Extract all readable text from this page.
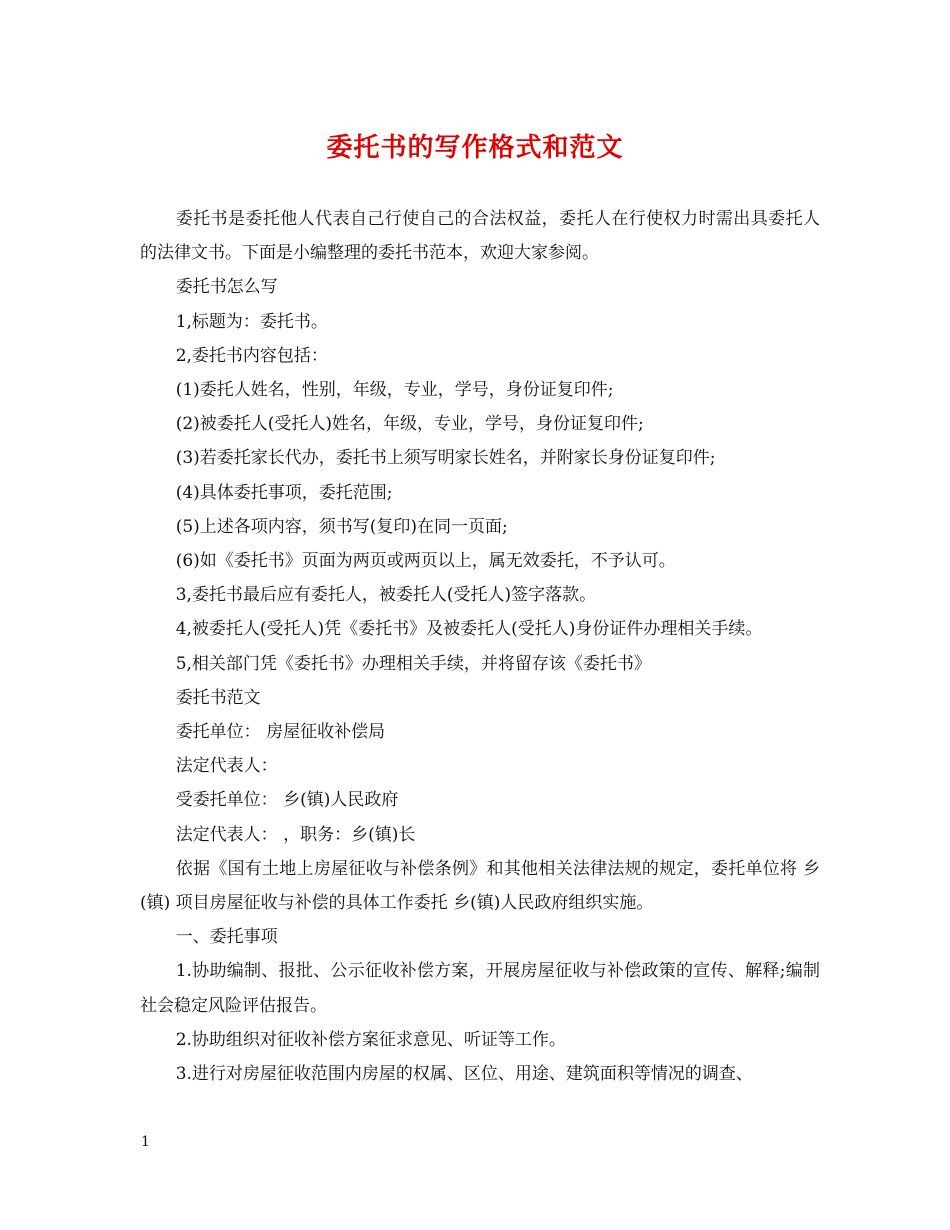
委托书的写作格式和范文

委托书是委托他人代表自己行使自己的合法权益，委托人在行使权力时需出具委托人的法律文书。下面是小编整理的委托书范本，欢迎大家参阅。

委托书怎么写

1,标题为：委托书。

2,委托书内容包括：

(1)委托人姓名，性别，年级，专业，学号，身份证复印件;

(2)被委托人(受托人)姓名，年级，专业，学号，身份证复印件;

(3)若委托家长代办，委托书上须写明家长姓名，并附家长身份证复印件;

(4)具体委托事项，委托范围;

(5)上述各项内容，须书写(复印)在同一页面;

(6)如《委托书》页面为两页或两页以上，属无效委托，不予认可。

3,委托书最后应有委托人，被委托人(受托人)签字落款。

4,被委托人(受托人)凭《委托书》及被委托人(受托人)身份证件办理相关手续。

5,相关部门凭《委托书》办理相关手续，并将留存该《委托书》

委托书范文

委托单位： 房屋征收补偿局

法定代表人：

受委托单位： 乡(镇)人民政府

法定代表人： ，职务：乡(镇)长

依据《国有土地上房屋征收与补偿条例》和其他相关法律法规的规定，委托单位将 乡(镇) 项目房屋征收与补偿的具体工作委托 乡(镇)人民政府组织实施。

一、委托事项

1.协助编制、报批、公示征收补偿方案，开展房屋征收与补偿政策的宣传、解释;编制社会稳定风险评估报告。

2.协助组织对征收补偿方案征求意见、听证等工作。

3.进行对房屋征收范围内房屋的权属、区位、用途、建筑面积等情况的调查、

1
